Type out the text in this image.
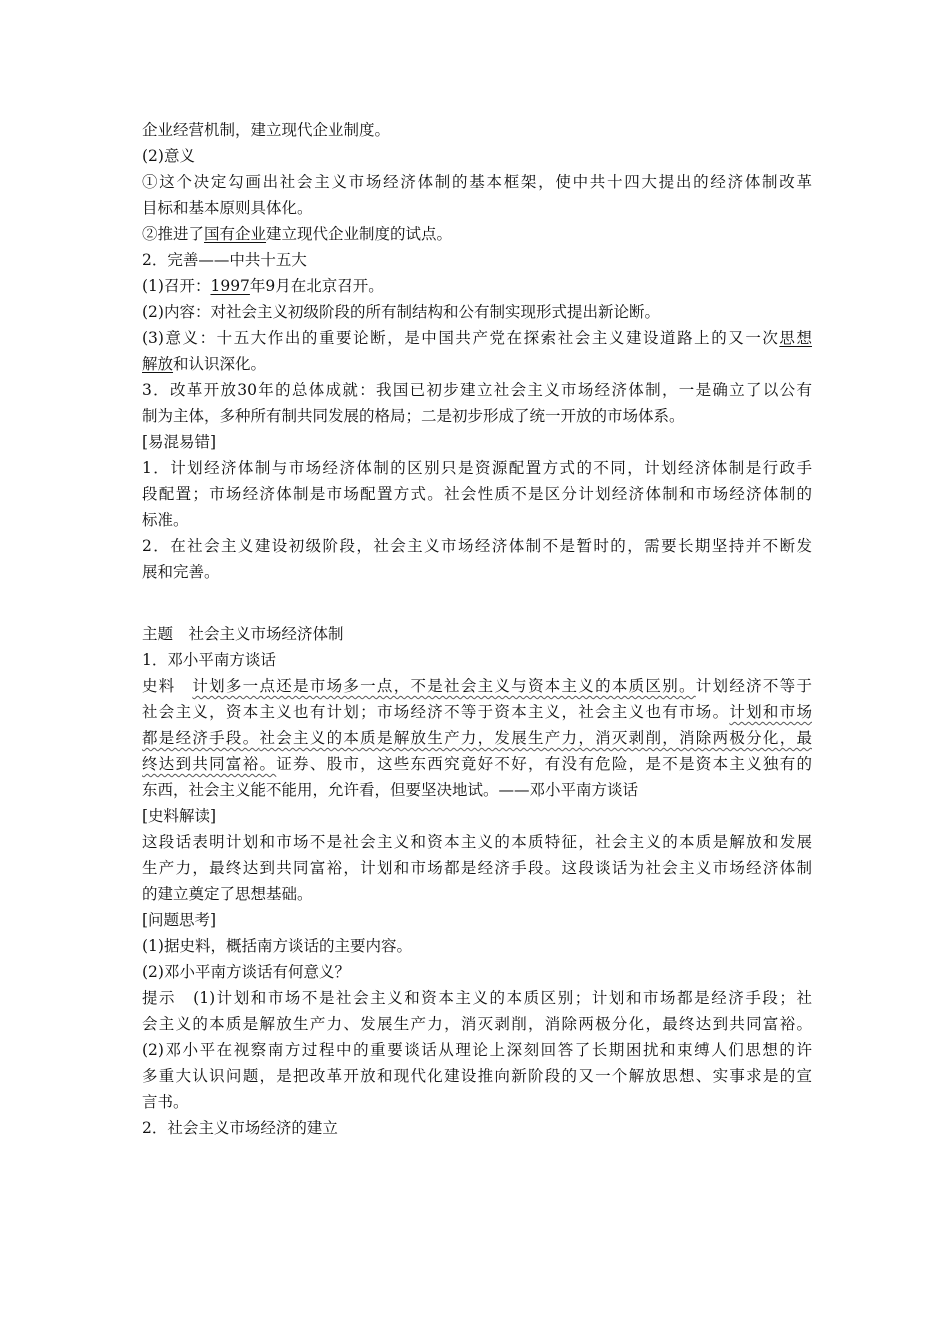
企业经营机制，建立现代企业制度。
(2)意义
①这个决定勾画出社会主义市场经济体制的基本框架，使中共十四大提出的经济体制改革
目标和基本原则具体化。
②推进了国有企业建立现代企业制度的试点。
2．完善——中共十五大
(1)召开：1997年9月在北京召开。
(2)内容：对社会主义初级阶段的所有制结构和公有制实现形式提出新论断。
(3)意义：十五大作出的重要论断，是中国共产党在探索社会主义建设道路上的又一次思想
解放和认识深化。
3．改革开放30年的总体成就：我国已初步建立社会主义市场经济体制，一是确立了以公有
制为主体，多种所有制共同发展的格局；二是初步形成了统一开放的市场体系。
[易混易错]
1．计划经济体制与市场经济体制的区别只是资源配置方式的不同，计划经济体制是行政手
段配置；市场经济体制是市场配置方式。社会性质不是区分计划经济体制和市场经济体制的
标准。
2．在社会主义建设初级阶段，社会主义市场经济体制不是暂时的，需要长期坚持并不断发
展和完善。
主题　社会主义市场经济体制
1．邓小平南方谈话
史料　计划多一点还是市场多一点，不是社会主义与资本主义的本质区别。计划经济不等于
社会主义，资本主义也有计划；市场经济不等于资本主义，社会主义也有市场。计划和市场
都是经济手段。社会主义的本质是解放生产力，发展生产力，消灭剥削，消除两极分化，最
终达到共同富裕。证券、股市，这些东西究竟好不好，有没有危险，是不是资本主义独有的
东西，社会主义能不能用，允许看，但要坚决地试。——邓小平南方谈话
[史料解读]
这段话表明计划和市场不是社会主义和资本主义的本质特征，社会主义的本质是解放和发展
生产力，最终达到共同富裕，计划和市场都是经济手段。这段谈话为社会主义市场经济体制
的建立奠定了思想基础。
[问题思考]
(1)据史料，概括南方谈话的主要内容。
(2)邓小平南方谈话有何意义？
提示　(1)计划和市场不是社会主义和资本主义的本质区别；计划和市场都是经济手段；社
会主义的本质是解放生产力、发展生产力，消灭剥削，消除两极分化，最终达到共同富裕。
(2)邓小平在视察南方过程中的重要谈话从理论上深刻回答了长期困扰和束缚人们思想的许
多重大认识问题，是把改革开放和现代化建设推向新阶段的又一个解放思想、实事求是的宣
言书。
2．社会主义市场经济的建立
